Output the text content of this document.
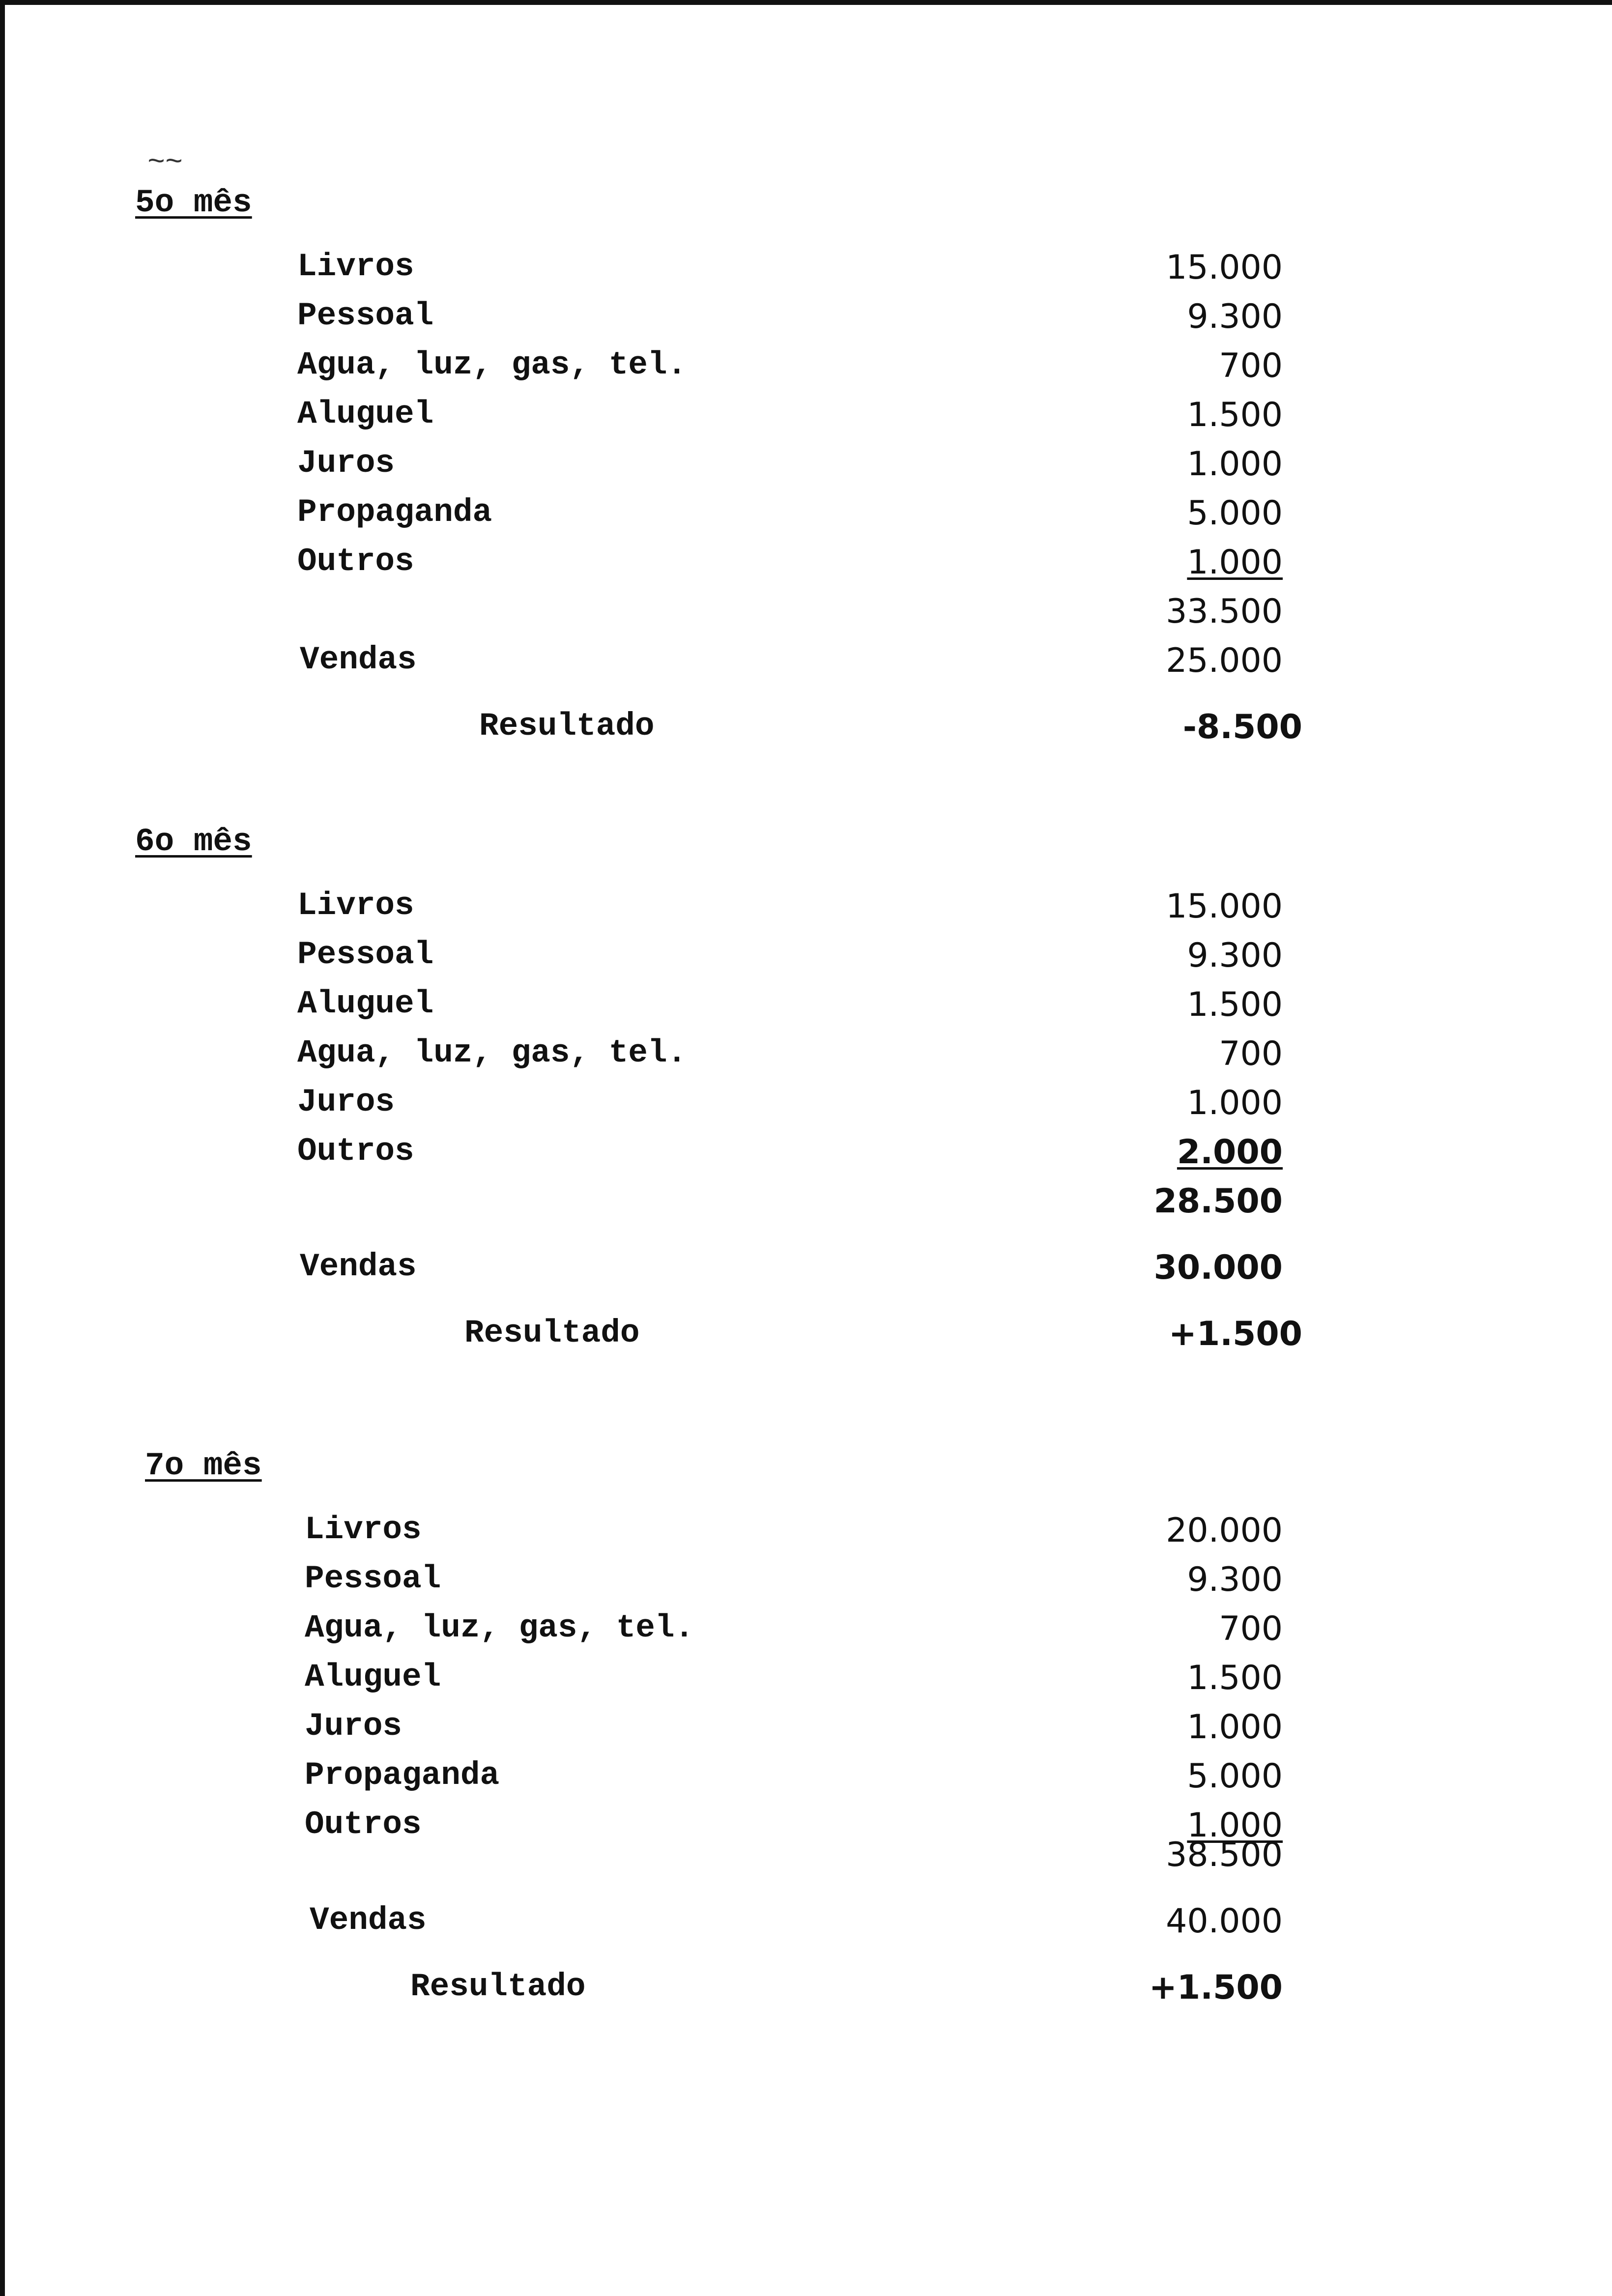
~~
5o mês
Livros	15.000
Pessoal	9.300
Agua, luz, gas, tel.	700
Aluguel	1.500
Juros	1.000
Propaganda	5.000
Outros	1.000
33.500
Vendas	25.000
Resultado	-8.500
6o mês
Livros	15.000
Pessoal	9.300
Aluguel	1.500
Agua, luz, gas, tel.	700
Juros	1.000
Outros	2.000
28.500
Vendas	30.000
Resultado	+1.500
7o mês
Livros	20.000
Pessoal	9.300
Agua, luz, gas, tel.	700
Aluguel	1.500
Juros	1.000
Propaganda	5.000
Outros	1.000
38.500
Vendas	40.000
Resultado	+1.500
